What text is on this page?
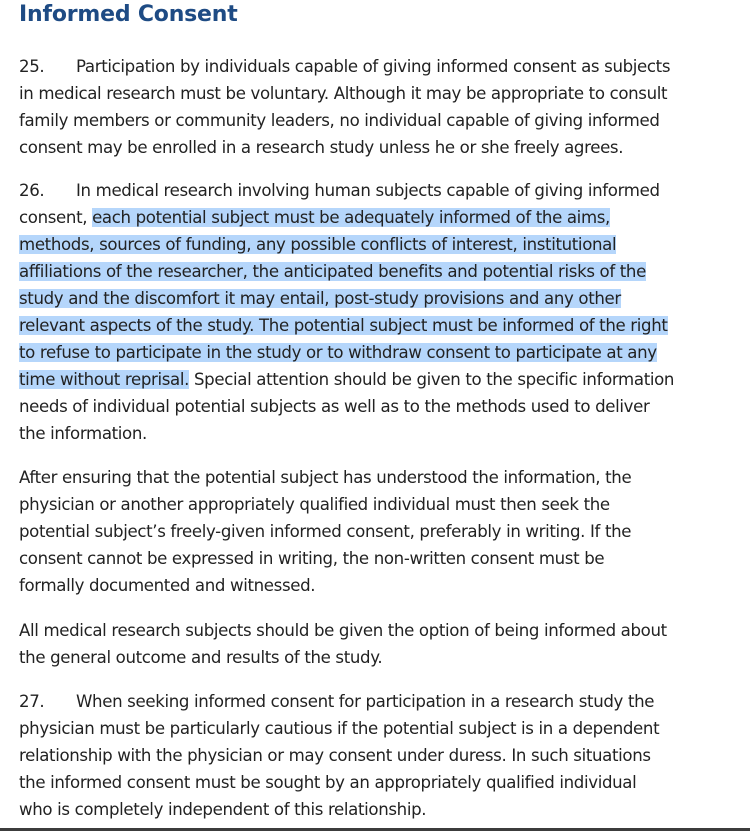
Informed Consent

25. Participation by individuals capable of giving informed consent as subjects
in medical research must be voluntary. Although it may be appropriate to consult
family members or community leaders, no individual capable of giving informed
consent may be enrolled in a research study unless he or she freely agrees.

26. In medical research involving human subjects capable of giving informed
consent, each potential subject must be adequately informed of the aims,
methods, sources of funding, any possible conflicts of interest, institutional
affiliations of the researcher, the anticipated benefits and potential risks of the
study and the discomfort it may entail, post-study provisions and any other
relevant aspects of the study. The potential subject must be informed of the right
to refuse to participate in the study or to withdraw consent to participate at any
time without reprisal. Special attention should be given to the specific information
needs of individual potential subjects as well as to the methods used to deliver
the information.

After ensuring that the potential subject has understood the information, the
physician or another appropriately qualified individual must then seek the
potential subject’s freely-given informed consent, preferably in writing. If the
consent cannot be expressed in writing, the non-written consent must be
formally documented and witnessed.

All medical research subjects should be given the option of being informed about
the general outcome and results of the study.

27. When seeking informed consent for participation in a research study the
physician must be particularly cautious if the potential subject is in a dependent
relationship with the physician or may consent under duress. In such situations
the informed consent must be sought by an appropriately qualified individual
who is completely independent of this relationship.
